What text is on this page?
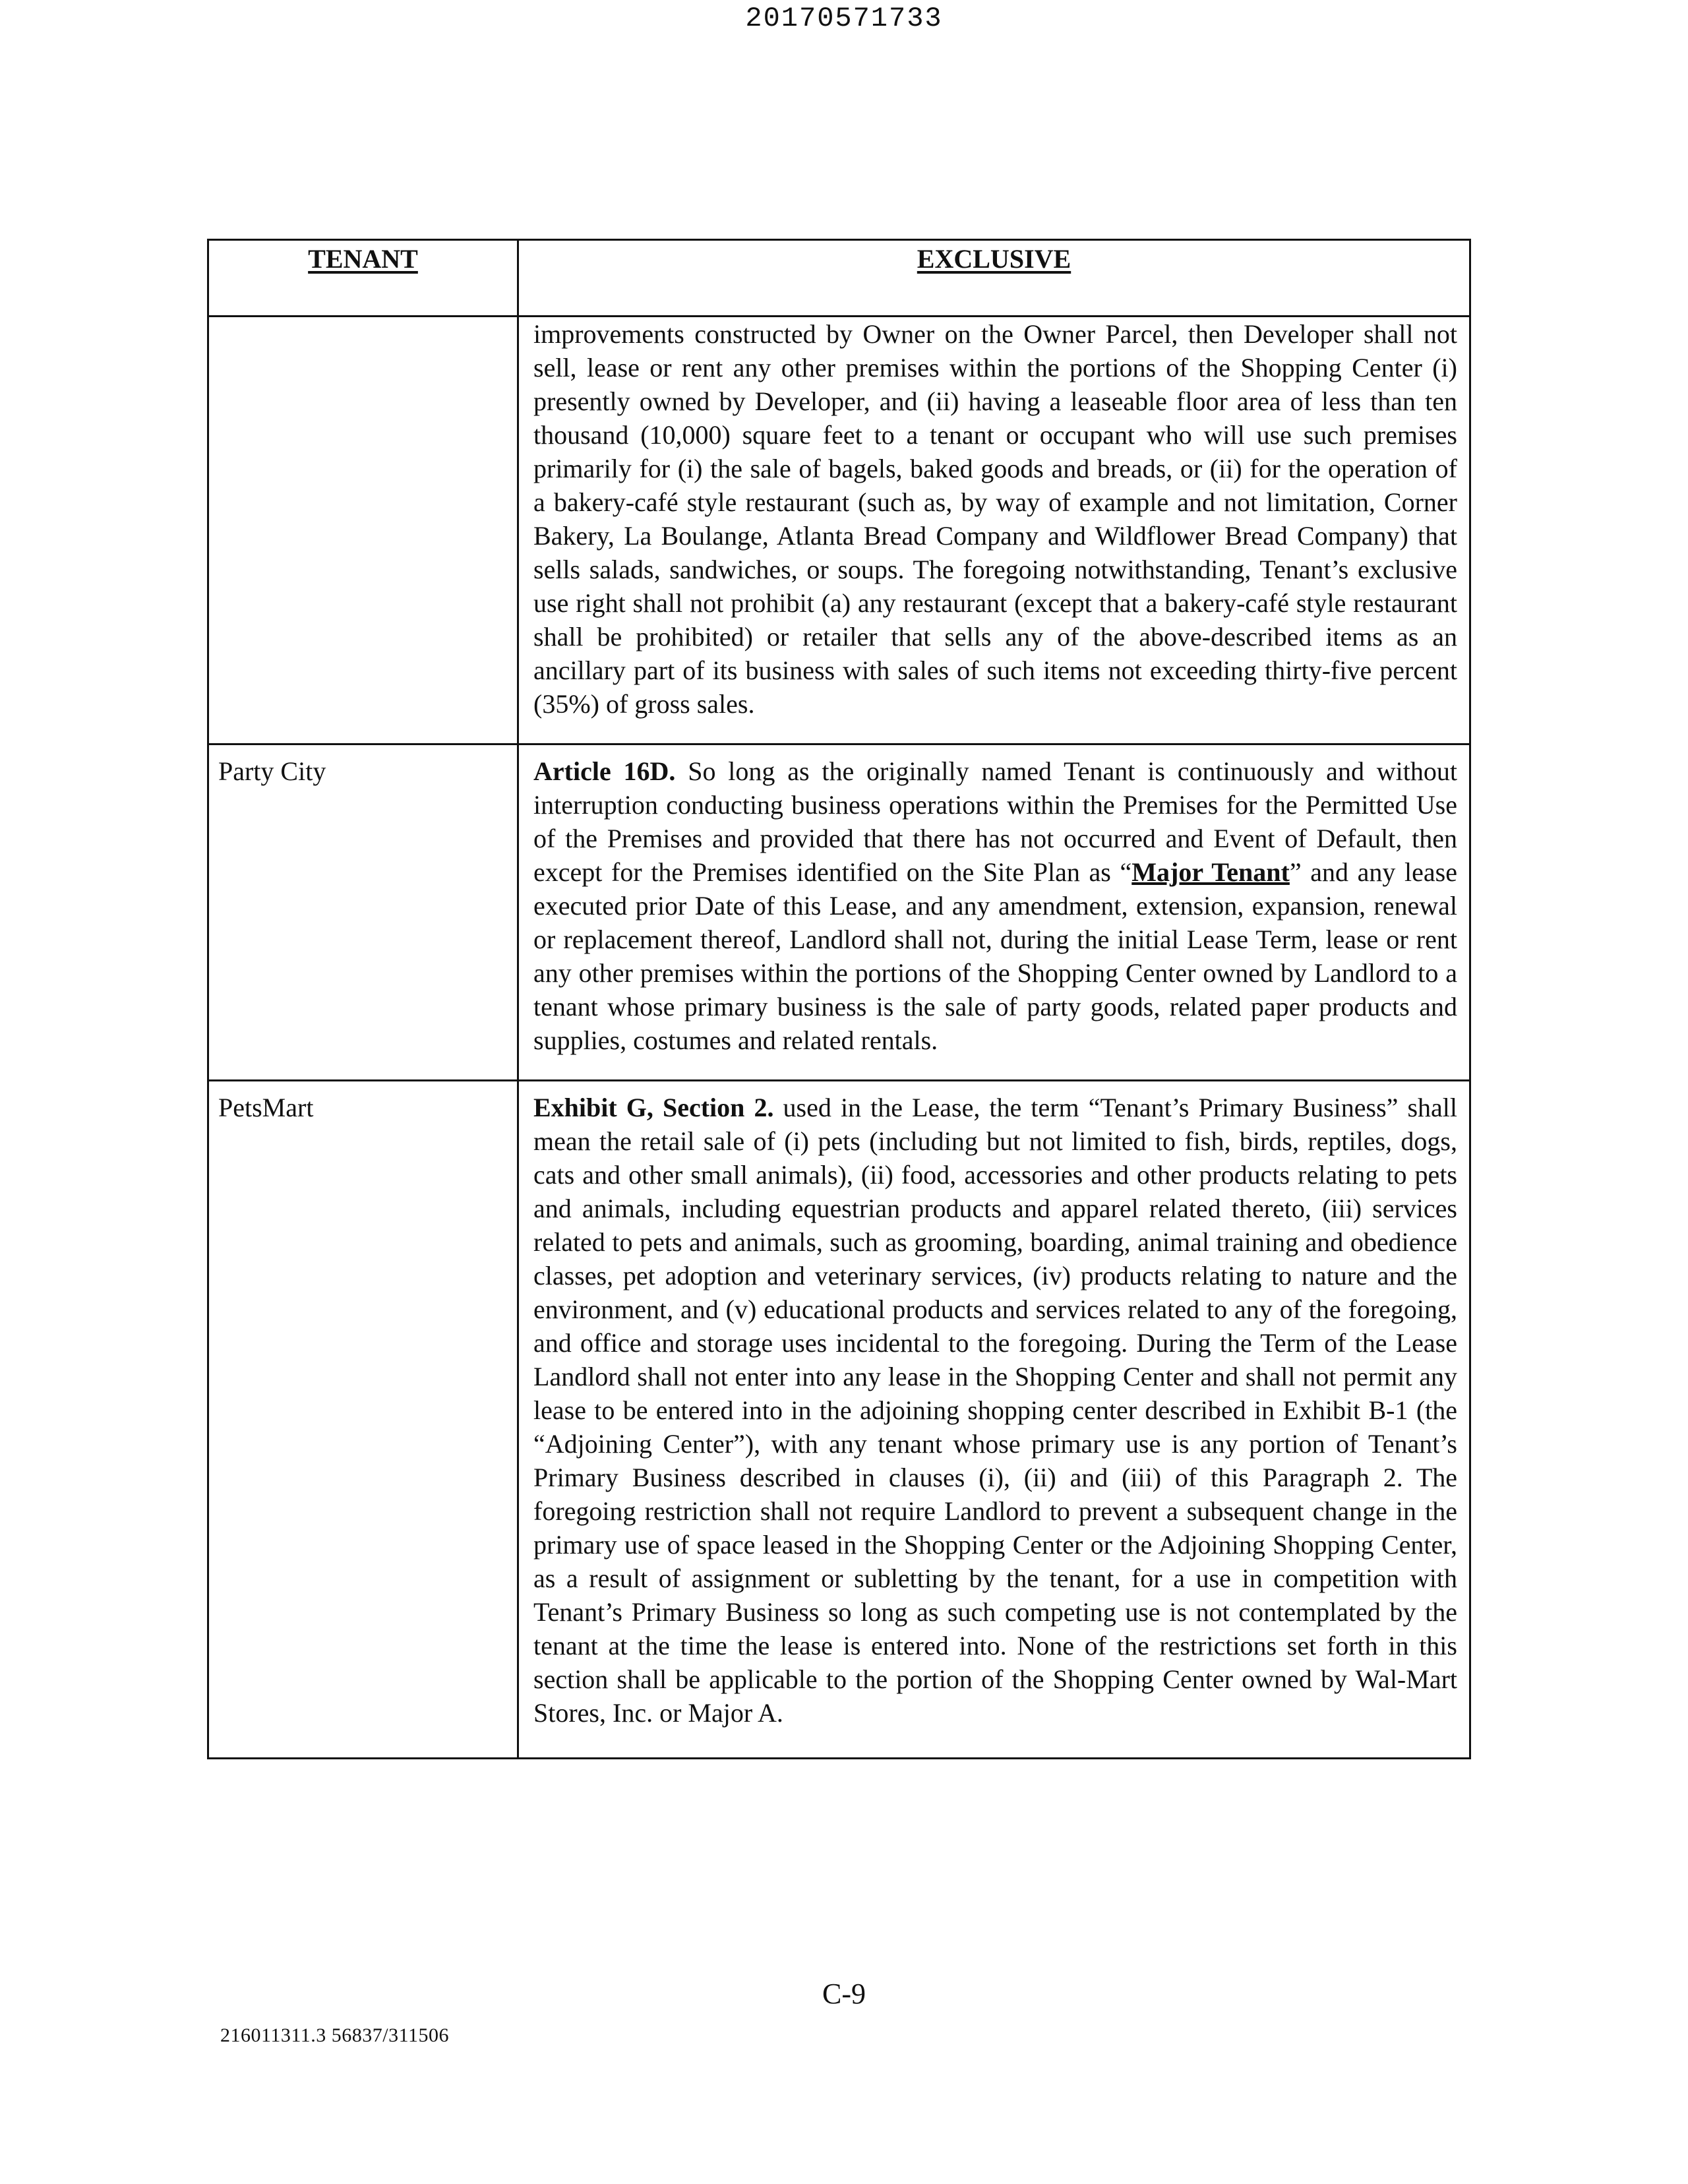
20170571733
TENANT	EXCLUSIVE
	improvements constructed by Owner on the Owner Parcel, then Developer shall not sell, lease or rent any other premises within the portions of the Shopping Center (i) presently owned by Developer, and (ii) having a leaseable floor area of less than ten thousand (10,000) square feet to a tenant or occupant who will use such premises primarily for (i) the sale of bagels, baked goods and breads, or (ii) for the operation of a bakery-café style restaurant (such as, by way of example and not limitation, Corner Bakery, La Boulange, Atlanta Bread Company and Wildflower Bread Company) that sells salads, sandwiches, or soups. The foregoing notwithstanding, Tenant’s exclusive use right shall not prohibit (a) any restaurant (except that a bakery-café style restaurant shall be prohibited) or retailer that sells any of the above-described items as an ancillary part of its business with sales of such items not exceeding thirty-five percent (35%) of gross sales.
Party City	Article 16D. So long as the originally named Tenant is continuously and without interruption conducting business operations within the Premises for the Permitted Use of the Premises and provided that there has not occurred and Event of Default, then except for the Premises identified on the Site Plan as “Major Tenant” and any lease executed prior Date of this Lease, and any amendment, extension, expansion, renewal or replacement thereof, Landlord shall not, during the initial Lease Term, lease or rent any other premises within the portions of the Shopping Center owned by Landlord to a tenant whose primary business is the sale of party goods, related paper products and supplies, costumes and related rentals.
PetsMart	Exhibit G, Section 2. used in the Lease, the term “Tenant’s Primary Business” shall mean the retail sale of (i) pets (including but not limited to fish, birds, reptiles, dogs, cats and other small animals), (ii) food, accessories and other products relating to pets and animals, including equestrian products and apparel related thereto, (iii) services related to pets and animals, such as grooming, boarding, animal training and obedience classes, pet adoption and veterinary services, (iv) products relating to nature and the environment, and (v) educational products and services related to any of the foregoing, and office and storage uses incidental to the foregoing. During the Term of the Lease Landlord shall not enter into any lease in the Shopping Center and shall not permit any lease to be entered into in the adjoining shopping center described in Exhibit B-1 (the “Adjoining Center”), with any tenant whose primary use is any portion of Tenant’s Primary Business described in clauses (i), (ii) and (iii) of this Paragraph 2. The foregoing restriction shall not require Landlord to prevent a subsequent change in the primary use of space leased in the Shopping Center or the Adjoining Shopping Center, as a result of assignment or subletting by the tenant, for a use in competition with Tenant’s Primary Business so long as such competing use is not contemplated by the tenant at the time the lease is entered into. None of the restrictions set forth in this section shall be applicable to the portion of the Shopping Center owned by Wal-Mart Stores, Inc. or Major A.
C-9
216011311.3 56837/311506
